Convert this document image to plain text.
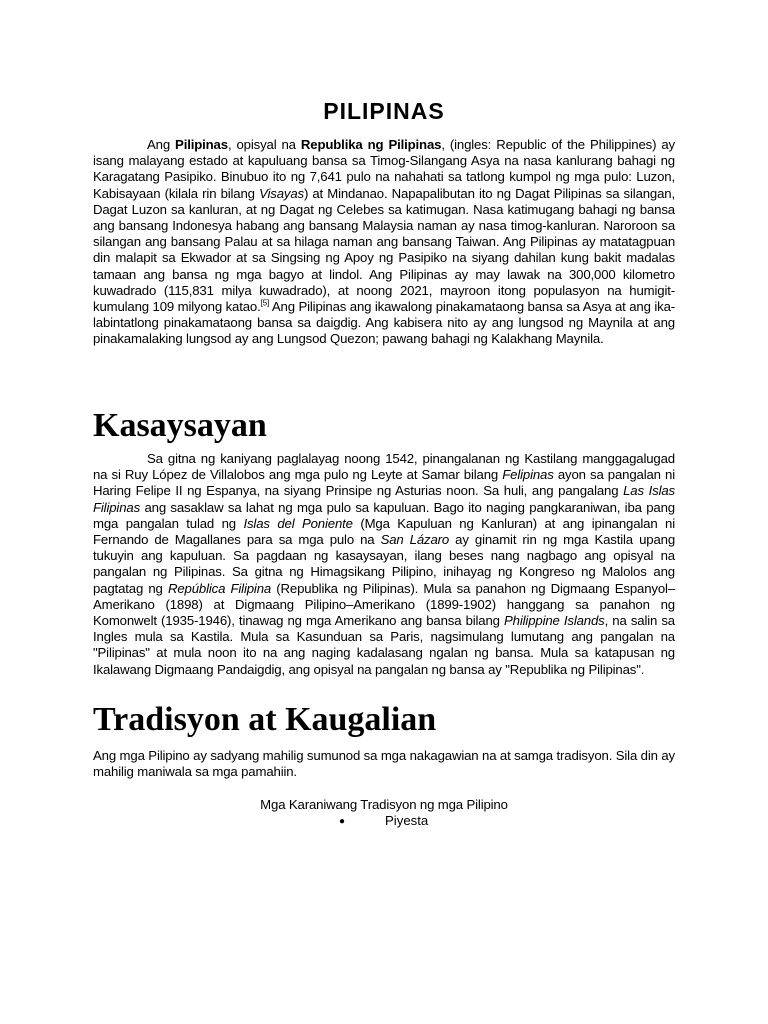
PILIPINAS

Ang Pilipinas, opisyal na Republika ng Pilipinas, (ingles: Republic of the Philippines) ay isang malayang estado at kapuluang bansa sa Timog-Silangang Asya na nasa kanlurang bahagi ng Karagatang Pasipiko. Binubuo ito ng 7,641 pulo na nahahati sa tatlong kumpol ng mga pulo: Luzon, Kabisayaan (kilala rin bilang Visayas) at Mindanao. Napapalibutan ito ng Dagat Pilipinas sa silangan, Dagat Luzon sa kanluran, at ng Dagat ng Celebes sa katimugan. Nasa katimugang bahagi ng bansa ang bansang Indonesya habang ang bansang Malaysia naman ay nasa timog-kanluran. Naroroon sa silangan ang bansang Palau at sa hilaga naman ang bansang Taiwan. Ang Pilipinas ay matatagpuan din malapit sa Ekwador at sa Singsing ng Apoy ng Pasipiko na siyang dahilan kung bakit madalas tamaan ang bansa ng mga bagyo at lindol. Ang Pilipinas ay may lawak na 300,000 kilometro kuwadrado (115,831 milya kuwadrado), at noong 2021, mayroon itong populasyon na humigit-kumulang 109 milyong katao.[5] Ang Pilipinas ang ikawalong pinakamataong bansa sa Asya at ang ika-labintatlong pinakamataong bansa sa daigdig. Ang kabisera nito ay ang lungsod ng Maynila at ang pinakamalaking lungsod ay ang Lungsod Quezon; pawang bahagi ng Kalakhang Maynila.

Kasaysayan

Sa gitna ng kaniyang paglalayag noong 1542, pinangalanan ng Kastilang manggagalugad na si Ruy López de Villalobos ang mga pulo ng Leyte at Samar bilang Felipinas ayon sa pangalan ni Haring Felipe II ng Espanya, na siyang Prinsipe ng Asturias noon. Sa huli, ang pangalang Las Islas Filipinas ang sasaklaw sa lahat ng mga pulo sa kapuluan. Bago ito naging pangkaraniwan, iba pang mga pangalan tulad ng Islas del Poniente (Mga Kapuluan ng Kanluran) at ang ipinangalan ni Fernando de Magallanes para sa mga pulo na San Lázaro ay ginamit rin ng mga Kastila upang tukuyin ang kapuluan. Sa pagdaan ng kasaysayan, ilang beses nang nagbago ang opisyal na pangalan ng Pilipinas. Sa gitna ng Himagsikang Pilipino, inihayag ng Kongreso ng Malolos ang pagtatag ng República Filipina (Republika ng Pilipinas). Mula sa panahon ng Digmaang Espanyol–Amerikano (1898) at Digmaang Pilipino–Amerikano (1899-1902) hanggang sa panahon ng Komonwelt (1935-1946), tinawag ng mga Amerikano ang bansa bilang Philippine Islands, na salin sa Ingles mula sa Kastila. Mula sa Kasunduan sa Paris, nagsimulang lumutang ang pangalan na "Pilipinas" at mula noon ito na ang naging kadalasang ngalan ng bansa. Mula sa katapusan ng Ikalawang Digmaang Pandaigdig, ang opisyal na pangalan ng bansa ay "Republika ng Pilipinas".

Tradisyon at Kaugalian

Ang mga Pilipino ay sadyang mahilig sumunod sa mga nakagawian na at samga tradisyon. Sila din ay mahilig maniwala sa mga pamahiin.

Mga Karaniwang Tradisyon ng mga Pilipino
●	Piyesta
